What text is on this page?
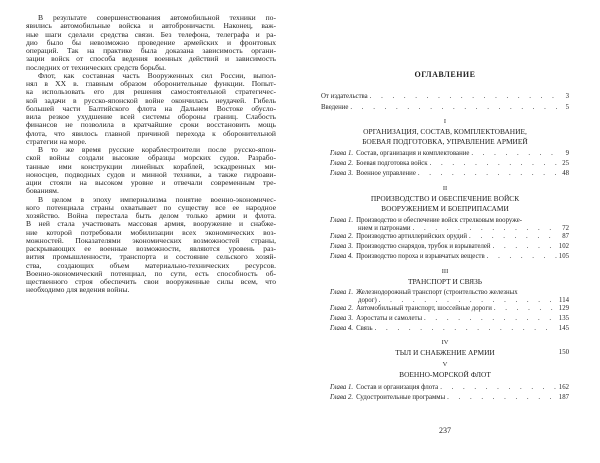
В результате совершенствования автомобильной техники по-
явились автомобильные войска и автоброничасти. Наконец, важ-
ные шаги сделали средства связи. Без телефона, телеграфа и ра-
дио было бы невозможно проведение армейских и фронтовых
операций. Так на практике была доказана зависимость органи-
зации войск от способа ведения военных действий и зависимость
последних от технических средств борьбы.
Флот, как составная часть Вооруженных сил России, выпол-
нял в XX в. главным образом оборонительные функции. Попыт-
ка использовать его для решения самостоятельной стратегичес-
кой задачи в русско-японской войне окончилась неудачей. Гибель
большей части Балтийского флота на Дальнем Востоке обусло-
вила резкое ухудшение всей системы обороны границ. Слабость
финансов не позволила в кратчайшие сроки восстановить мощь
флота, что явилось главной причиной перехода к оборонительной
стратегии на море.
В то же время русские кораблестроители после русско-япон-
ской войны создали высокие образцы морских судов. Разрабо-
танные ими конструкции линейных кораблей, эскадренных ми-
ноносцев, подводных судов и минной техники, а также гидроави-
ации стояли на высоком уровне и отвечали современным тре-
бованиям.
В целом в эпоху империализма понятие военно-экономичес-
кого потенциала страны охватывает по существу все ее народное
хозяйство. Война перестала быть делом только армии и флота.
В ней стала участвовать массовая армия, вооружение и снабже-
ние которой потребовали мобилизации всех экономических воз-
можностей. Показателями экономических возможностей страны,
раскрывающих ее военные возможности, являются уровень раз-
вития промышленности, транспорта и состояние сельского хозяй-
ства, создающих объем материально-технических ресурсов.
Военно-экономический потенциал, по сути, есть способность об-
щественного строя обеспечить свои вооруженные силы всем, что
необходимо для ведения войны.
ОГЛАВЛЕНИЕ
От издательства . . .	3
Введение . . .	5
I
ОРГАНИЗАЦИЯ, СОСТАВ, КОМПЛЕКТОВАНИЕ,
БОЕВАЯ ПОДГОТОВКА, УПРАВЛЕНИЕ АРМИЕЙ
Глава 1. Состав, организация и комплектование . . .	9
Глава 2. Боевая подготовка войск . . .	25
Глава 3. Военное управление . . .	48
II
ПРОИЗВОДСТВО И ОБЕСПЕЧЕНИЕ ВОЙСК
ВООРУЖЕНИЕМ И БОЕПРИПАСАМИ
Глава 1. Производство и обеспечение войск стрелковым вооруже-
нием и патронами . . .	72
Глава 2. Производство артиллерийских орудий . . .	87
Глава 3. Производство снарядов, трубок и взрывателей . . .	102
Глава 4. Производство пороха и взрывчатых веществ . . .	105
III
ТРАНСПОРТ И СВЯЗЬ
Глава 1. Железнодорожный транспорт (строительство железных
дорог) . . .	114
Глава 2. Автомобильный транспорт, шоссейные дороги . . .	129
Глава 3. Аэростаты и самолеты . . .	135
Глава 4. Связь . . .	145
IV
ТЫЛ И СНАБЖЕНИЕ АРМИИ	150
V
ВОЕННО-МОРСКОЙ ФЛОТ
Глава 1. Состав и организация флота . . .	162
Глава 2. Судостроительные программы . . .	187
237
